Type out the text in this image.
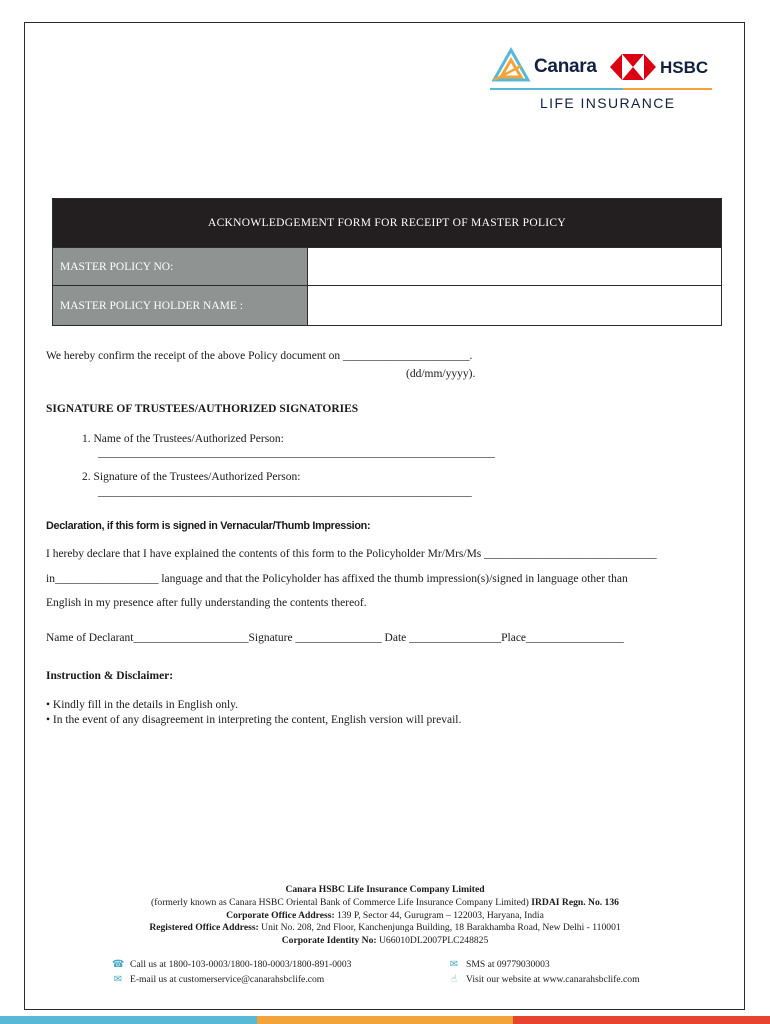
Canara	HSBC
LIFE INSURANCE
ACKNOWLEDGEMENT FORM FOR RECEIPT OF MASTER POLICY
MASTER POLICY NO:
MASTER POLICY HOLDER NAME :
We hereby confirm the receipt of the above Policy document on ______________________.
(dd/mm/yyyy).
SIGNATURE OF TRUSTEES/AUTHORIZED SIGNATORIES
1. Name of the Trustees/Authorized Person:
_____________________________________________________________________
2. Signature of the Trustees/Authorized Person:
_________________________________________________________________
Declaration, if this form is signed in Vernacular/Thumb Impression:
I hereby declare that I have explained the contents of this form to the Policyholder Mr/Mrs/Ms ______________________________
in__________________ language and that the Policyholder has affixed the thumb impression(s)/signed in language other than
English in my presence after fully understanding the contents thereof.
Name of Declarant____________________Signature _______________ Date ________________Place_________________
Instruction & Disclaimer:
• Kindly fill in the details in English only.
• In the event of any disagreement in interpreting the content, English version will prevail.
Canara HSBC Life Insurance Company Limited
(formerly known as Canara HSBC Oriental Bank of Commerce Life Insurance Company Limited) IRDAI Regn. No. 136
Corporate Office Address: 139 P, Sector 44, Gurugram – 122003, Haryana, India
Registered Office Address: Unit No. 208, 2nd Floor, Kanchenjunga Building, 18 Barakhamba Road, New Delhi - 110001
Corporate Identity No: U66010DL2007PLC248825
☎ Call us at 1800-103-0003/1800-180-0003/1800-891-0003	✉ SMS at 09779030003
✉ E-mail us at customerservice@canarahsbclife.com	☝ Visit our website at www.canarahsbclife.com
